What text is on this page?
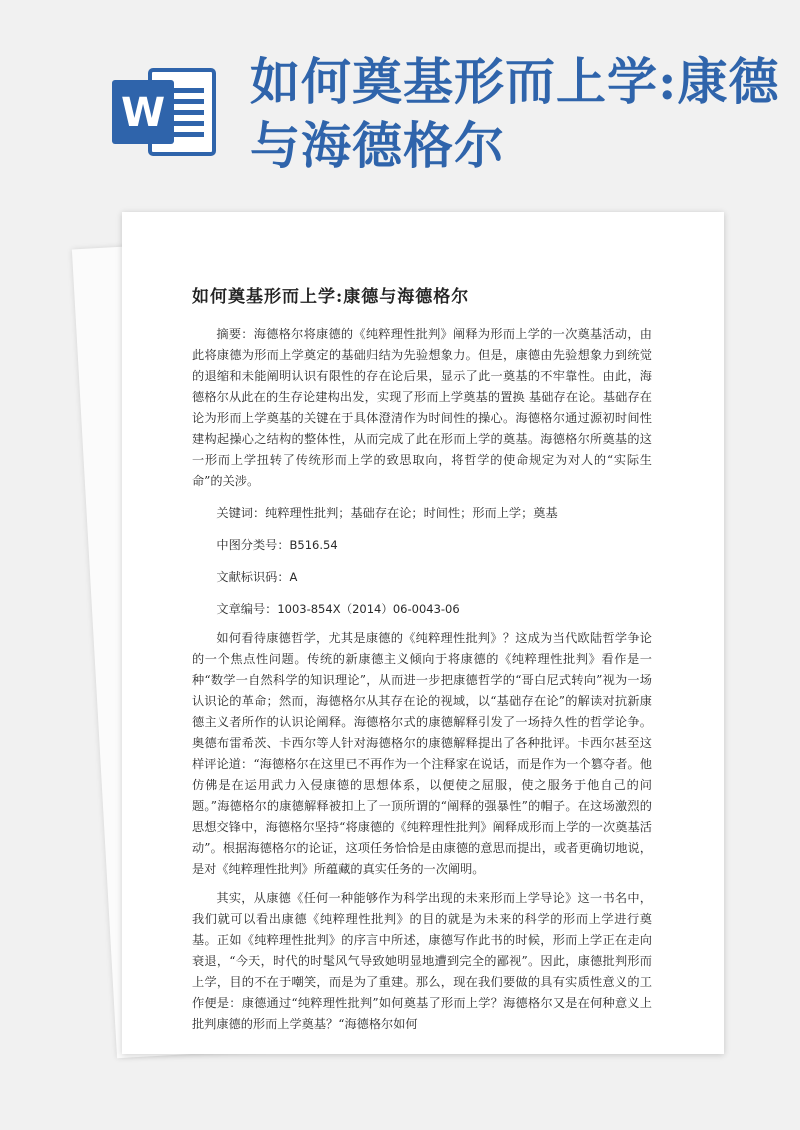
W
如何奠基形而上学:康德与海德格尔
如何奠基形而上学:康德与海德格尔

摘要：海德格尔将康德的《纯粹理性批判》阐释为形而上学的一次奠基活动，由此将康德为形而上学奠定的基础归结为先验想象力。但是，康德由先验想象力到统觉的退缩和未能阐明认识有限性的存在论后果，显示了此一奠基的不牢靠性。由此，海德格尔从此在的生存论建构出发，实现了形而上学奠基的置换 基础存在论。基础存在论为形而上学奠基的关键在于具体澄清作为时间性的操心。海德格尔通过源初时间性建构起操心之结构的整体性，从而完成了此在形而上学的奠基。海德格尔所奠基的这一形而上学扭转了传统形而上学的致思取向，将哲学的使命规定为对人的“实际生命”的关涉。

关键词：纯粹理性批判；基础存在论；时间性；形而上学；奠基

中图分类号：B516.54

文献标识码：A

文章编号：1003-854X（2014）06-0043-06

如何看待康德哲学，尤其是康德的《纯粹理性批判》？这成为当代欧陆哲学争论的一个焦点性问题。传统的新康德主义倾向于将康德的《纯粹理性批判》看作是一种“数学一自然科学的知识理论”，从而进一步把康德哲学的“哥白尼式转向”视为一场认识论的革命；然而，海德格尔从其存在论的视域，以“基础存在论”的解读对抗新康德主义者所作的认识论阐释。海德格尔式的康德解释引发了一场持久性的哲学论争。奥德布雷希茨、卡西尔等人针对海德格尔的康德解释提出了各种批评。卡西尔甚至这样评论道：“海德格尔在这里已不再作为一个注释家在说话，而是作为一个篡夺者。他仿佛是在运用武力入侵康德的思想体系，以便使之屈服，使之服务于他自己的问题。”海德格尔的康德解释被扣上了一顶所谓的“阐释的强暴性”的帽子。在这场激烈的思想交锋中，海德格尔坚持“将康德的《纯粹理性批判》阐释成形而上学的一次奠基活动”。根据海德格尔的论证，这项任务恰恰是由康德的意思而提出，或者更确切地说，是对《纯粹理性批判》所蕴藏的真实任务的一次阐明。

其实，从康德《任何一种能够作为科学出现的未来形而上学导论》这一书名中，我们就可以看出康德《纯粹理性批判》的目的就是为未来的科学的形而上学进行奠基。正如《纯粹理性批判》的序言中所述，康德写作此书的时候，形而上学正在走向衰退，“今天，时代的时髦风气导致她明显地遭到完全的鄙视”。因此，康德批判形而上学，目的不在于嘲笑，而是为了重建。那么，现在我们要做的具有实质性意义的工作便是：康德通过“纯粹理性批判”如何奠基了形而上学？海德格尔又是在何种意义上批判康德的形而上学奠基？“海德格尔如何
